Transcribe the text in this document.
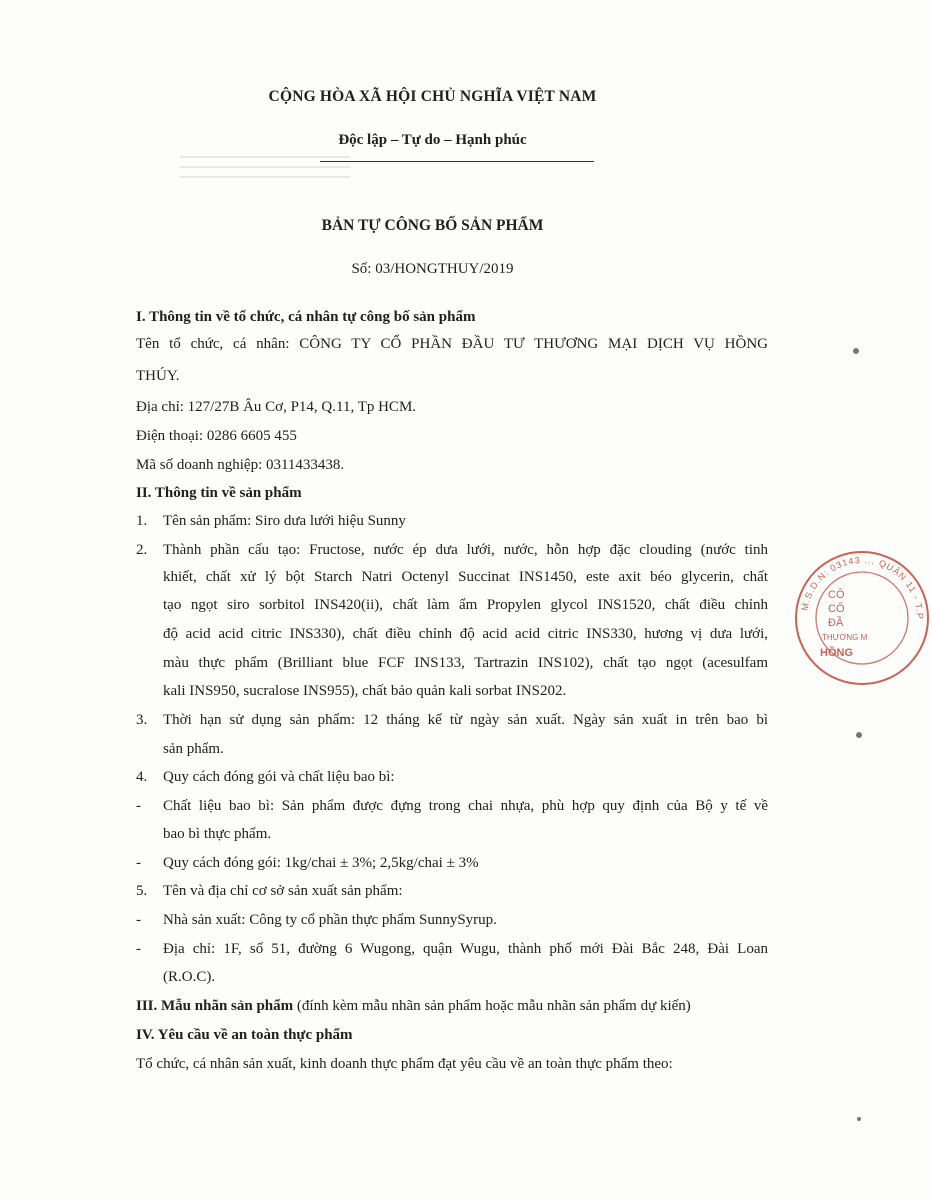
CỘNG HÒA XÃ HỘI CHỦ NGHĨA VIỆT NAM
Độc lập – Tự do – Hạnh phúc
BẢN TỰ CÔNG BỐ SẢN PHẨM
Số: 03/HONGTHUY/2019
I. Thông tin về tổ chức, cá nhân tự công bố sản phẩm
Tên tổ chức, cá nhân: CÔNG TY CỔ PHẦN ĐẦU TƯ THƯƠNG MẠI DỊCH VỤ HỒNG
THÚY.
Địa chỉ: 127/27B Âu Cơ, P14, Q.11, Tp HCM.
Điện thoại: 0286 6605 455
Mã số doanh nghiệp: 0311433438.
II. Thông tin về sản phẩm
1. Tên sản phẩm: Siro dưa lưới hiệu Sunny
2. Thành phần cấu tạo: Fructose, nước ép dưa lưới, nước, hỗn hợp đặc clouding (nước tinh
khiết, chất xử lý bột Starch Natri Octenyl Succinat INS1450, este axit béo glycerin, chất
tạo ngọt siro sorbitol INS420(ii), chất làm ẩm Propylen glycol INS1520, chất điều chỉnh
độ acid acid citric INS330), chất điều chỉnh độ acid acid citric INS330, hương vị dưa lưới,
màu thực phẩm (Brilliant blue FCF INS133, Tartrazin INS102), chất tạo ngọt (acesulfam
kali INS950, sucralose INS955), chất bảo quản kali sorbat INS202.
3. Thời hạn sử dụng sản phẩm: 12 tháng kể từ ngày sản xuất. Ngày sản xuất in trên bao bì
sản phẩm.
4. Quy cách đóng gói và chất liệu bao bì:
- Chất liệu bao bì: Sản phẩm được đựng trong chai nhựa, phù hợp quy định của Bộ y tế về
bao bì thực phẩm.
- Quy cách đóng gói: 1kg/chai ± 3%; 2,5kg/chai ± 3%
5. Tên và địa chỉ cơ sở sản xuất sản phẩm:
- Nhà sản xuất: Công ty cổ phần thực phẩm SunnySyrup.
- Địa chỉ: 1F, số 51, đường 6 Wugong, quận Wugu, thành phố mới Đài Bắc 248, Đài Loan
(R.O.C).
III. Mẫu nhãn sản phẩm (đính kèm mẫu nhãn sản phẩm hoặc mẫu nhãn sản phẩm dự kiến)
IV. Yêu cầu về an toàn thực phẩm
Tổ chức, cá nhân sản xuất, kinh doanh thực phẩm đạt yêu cầu về an toàn thực phẩm theo:
M.S.D.N: 03143 ... QUẬN 11 - T.P
CÔ
CỔ
ĐẦ
THƯƠNG M
HỒNG
